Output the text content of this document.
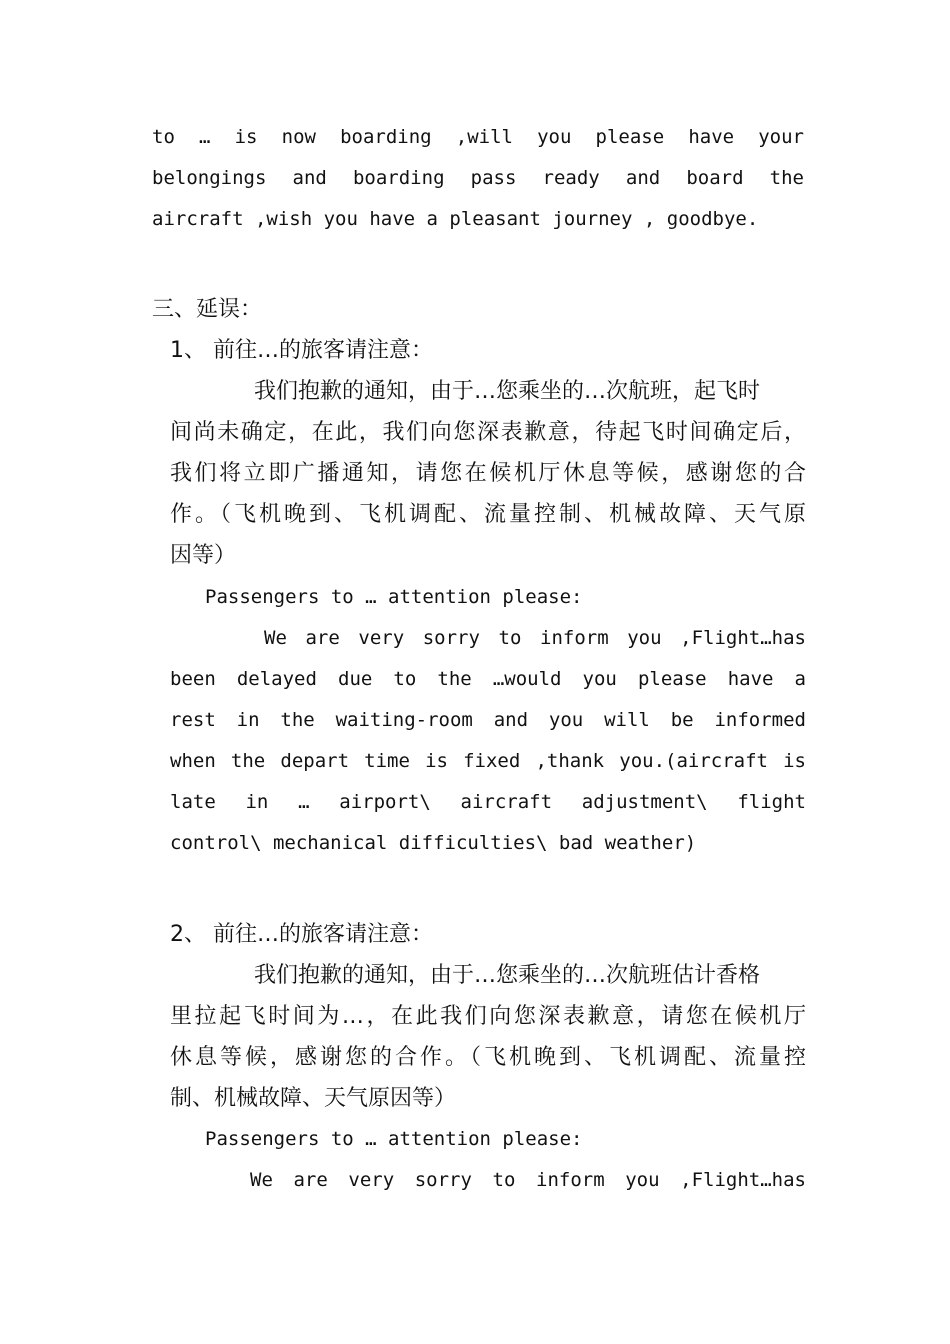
to … is now boarding ,will you please have your
belongings and boarding pass ready and board the
aircraft ,wish you have a pleasant journey , goodbye.
三、延误：
1、 前往…的旅客请注意：
我们抱歉的通知，由于…您乘坐的…次航班，起飞时
间尚未确定，在此，我们向您深表歉意，待起飞时间确定后，
我们将立即广播通知，请您在候机厅休息等候，感谢您的合
作。（飞机晚到、飞机调配、流量控制、机械故障、天气原
因等）
Passengers to … attention please:
We are very sorry to inform you ,Flight…has
been delayed due to the …would you please have a
rest in the waiting-room and you will be informed
when the depart time is fixed ,thank you.(aircraft is
late in … airport\ aircraft adjustment\ flight
control\ mechanical difficulties\ bad weather)
2、 前往…的旅客请注意：
我们抱歉的通知，由于…您乘坐的…次航班估计香格
里拉起飞时间为…，在此我们向您深表歉意，请您在候机厅
休息等候，感谢您的合作。（飞机晚到、飞机调配、流量控
制、机械故障、天气原因等）
Passengers to … attention please:
We are very sorry to inform you ,Flight…has
